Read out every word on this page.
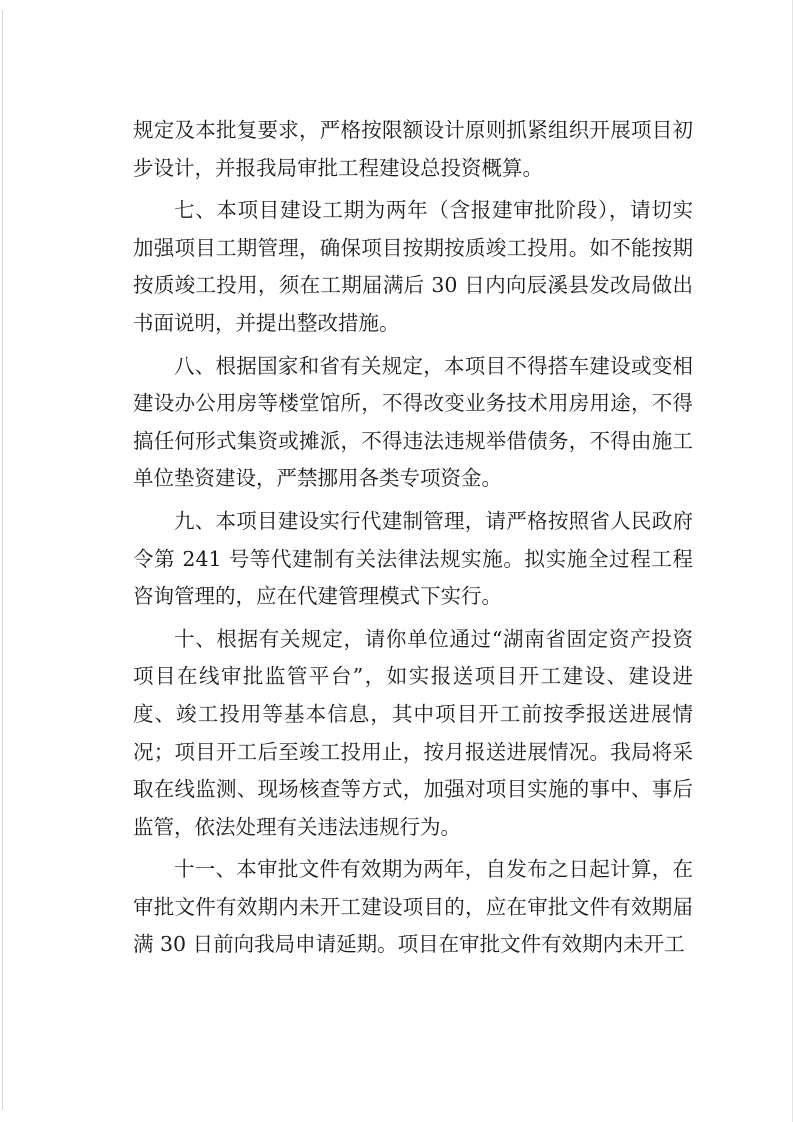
规定及本批复要求，严格按限额设计原则抓紧组织开展项目初步设计，并报我局审批工程建设总投资概算。

七、本项目建设工期为两年（含报建审批阶段），请切实加强项目工期管理，确保项目按期按质竣工投用。如不能按期按质竣工投用，须在工期届满后 30 日内向辰溪县发改局做出书面说明，并提出整改措施。

八、根据国家和省有关规定，本项目不得搭车建设或变相建设办公用房等楼堂馆所，不得改变业务技术用房用途，不得搞任何形式集资或摊派，不得违法违规举借债务，不得由施工单位垫资建设，严禁挪用各类专项资金。

九、本项目建设实行代建制管理，请严格按照省人民政府令第 241 号等代建制有关法律法规实施。拟实施全过程工程咨询管理的，应在代建管理模式下实行。

十、根据有关规定，请你单位通过“湖南省固定资产投资项目在线审批监管平台”，如实报送项目开工建设、建设进度、竣工投用等基本信息，其中项目开工前按季报送进展情况；项目开工后至竣工投用止，按月报送进展情况。我局将采取在线监测、现场核查等方式，加强对项目实施的事中、事后监管，依法处理有关违法违规行为。

十一、本审批文件有效期为两年，自发布之日起计算，在审批文件有效期内未开工建设项目的，应在审批文件有效期届满 30 日前向我局申请延期。项目在审批文件有效期内未开工
